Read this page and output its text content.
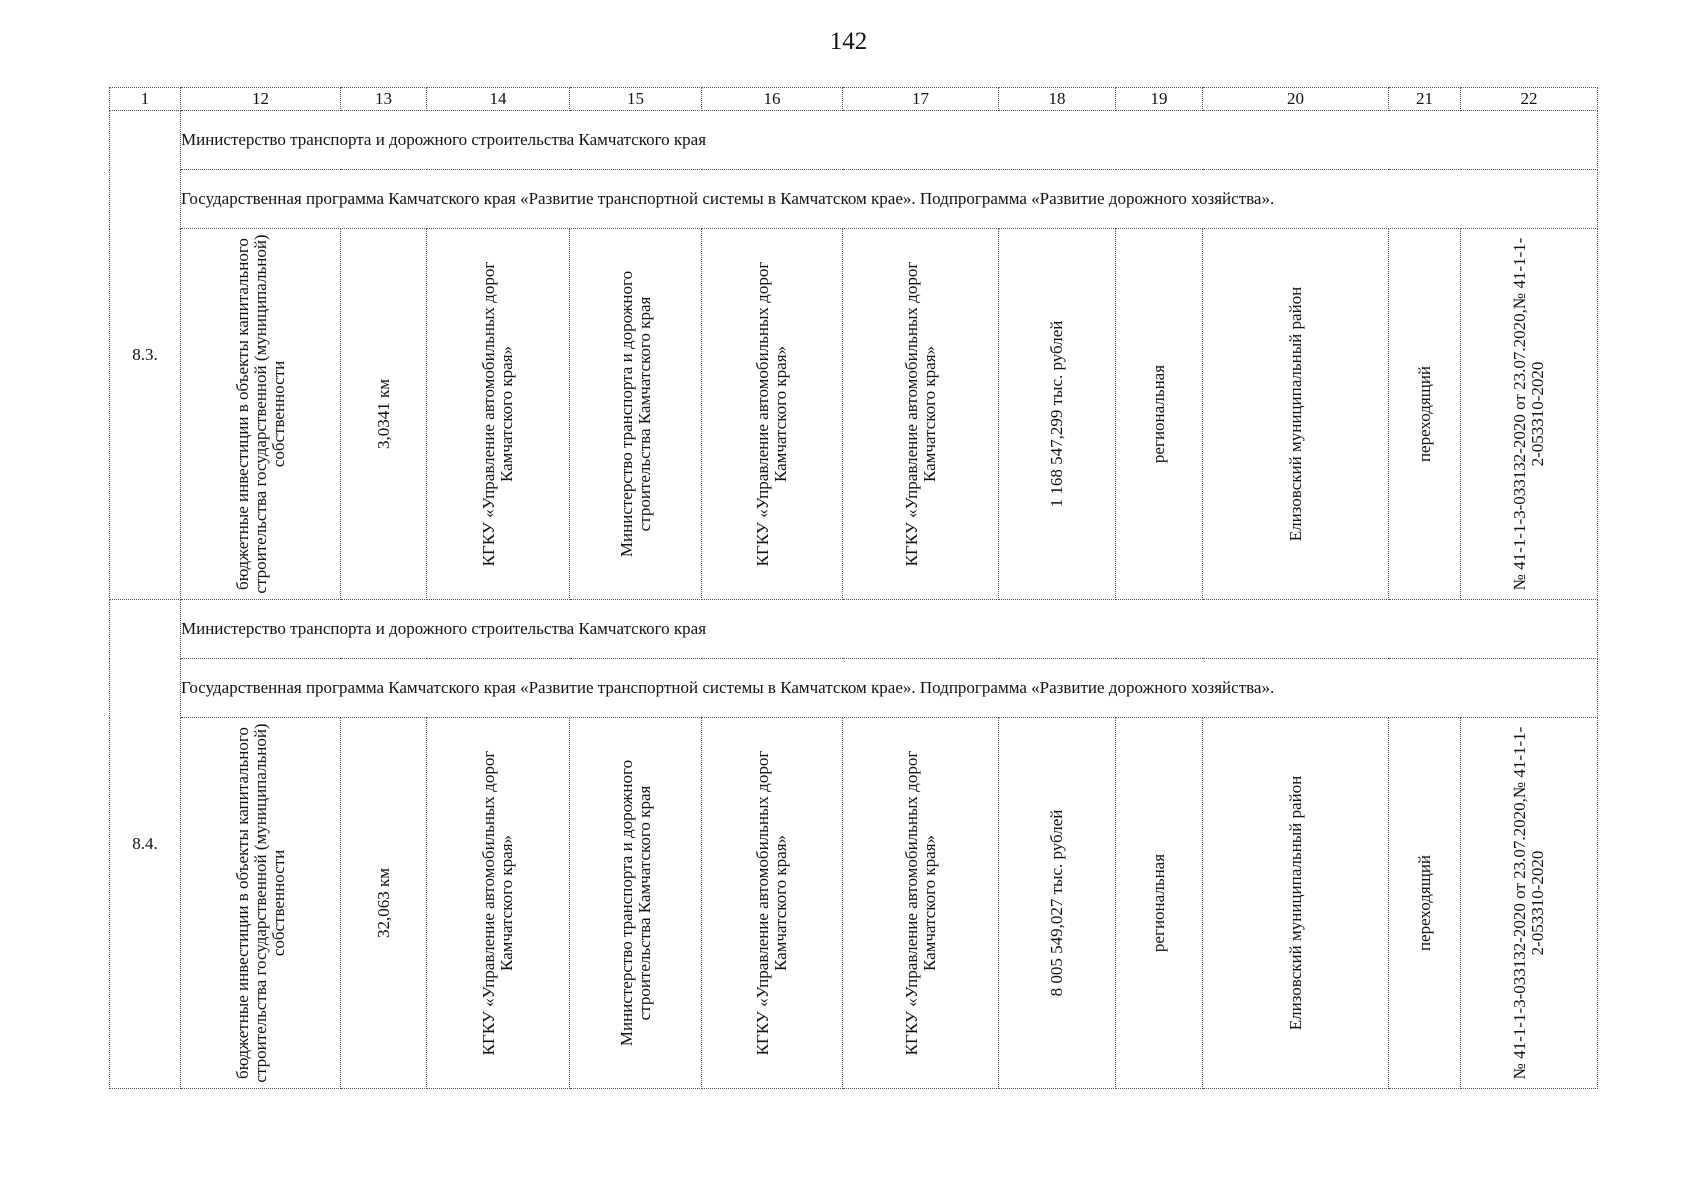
142
1	12	13	14	15	16	17	18	19	20	21	22
8.3.	Министерство транспорта и дорожного строительства Камчатского края										
	Государственная программа Камчатского края «Развитие транспортной системы в Камчатском крае». Подпрограмма «Развитие дорожного хозяйства».										

	бюджетные инвестиции в объекты капитального строительства государственной (муниципальной) собственности	3,0341 км	КГКУ «Управление автомобильных дорог Камчатского края»	Министерство транспорта и дорожного строительства Камчатского края	КГКУ «Управление автомобильных дорог Камчатского края»	КГКУ «Управление автомобильных дорог Камчатского края»	1 168 547,299 тыс. рублей	региональная	Елизовский муниципальный район	переходящий	№ 41-1-1-3-033132-2020 от 23.07.2020,№ 41-1-1-2-053310-2020

8.4.	Министерство транспорта и дорожного строительства Камчатского края										
	Государственная программа Камчатского края «Развитие транспортной системы в Камчатском крае». Подпрограмма «Развитие дорожного хозяйства».										

	бюджетные инвестиции в объекты капитального строительства государственной (муниципальной) собственности	32,063 км	КГКУ «Управление автомобильных дорог Камчатского края»	Министерство транспорта и дорожного строительства Камчатского края	КГКУ «Управление автомобильных дорог Камчатского края»	КГКУ «Управление автомобильных дорог Камчатского края»	8 005 549,027 тыс. рублей	региональная	Елизовский муниципальный район	переходящий	№ 41-1-1-3-033132-2020 от 23.07.2020,№ 41-1-1-2-053310-2020
